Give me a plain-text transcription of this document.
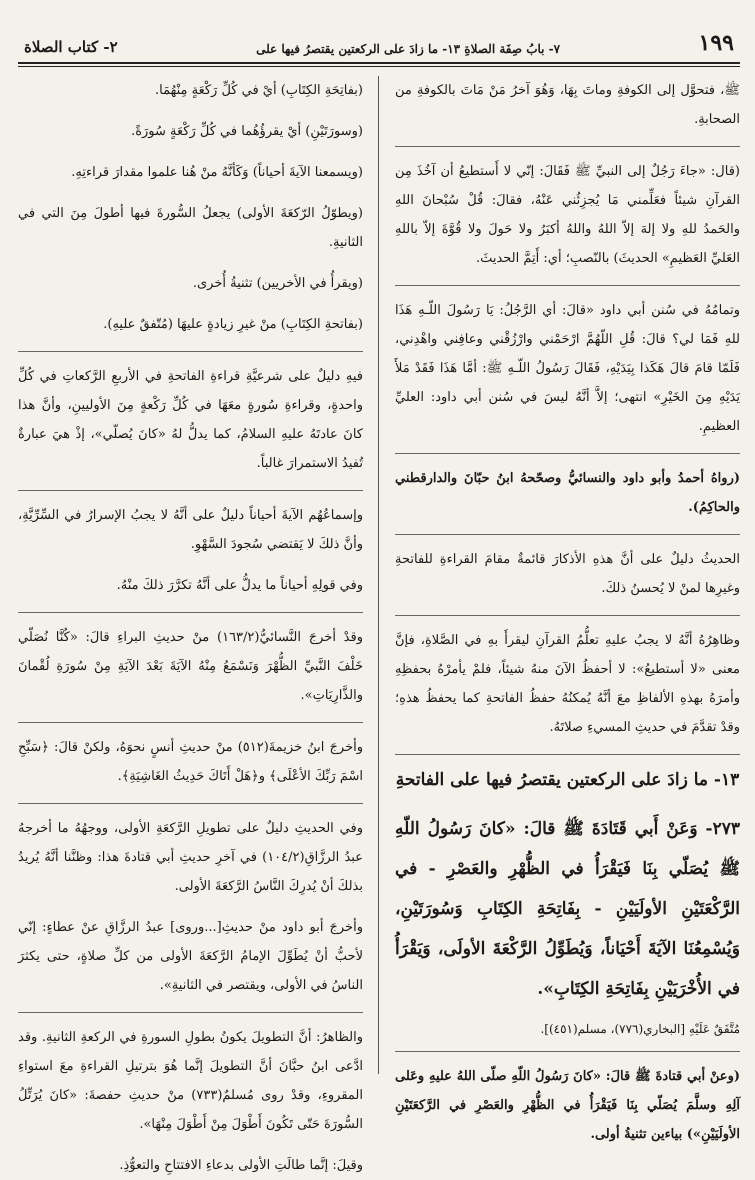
١٩٩
٧- بابُ صِفَة الصلاةِ ١٣- ما زادَ على الركعتين يقتصرُ فيها على
٢- كتاب الصلاة

ﷺ، فتحوَّل إلى الكوفةِ وماتَ بِهَا، وَهُوَ آخرُ مَنْ مَاتَ بالكوفةِ من الصحابةِ.

(قال: «جاءَ رَجُلٌ إلى النبيِّ ﷺ فَقَالَ: إنّي لا أَستطيعُ أن آخُذَ مِن القرآنِ شيئاً فعَلِّمني مَا يُجزِئُني عَنْهُ، فقالَ: قُلْ سُبْحانَ اللهِ والحَمدُ للهِ ولا إلهَ إلاّ اللهُ واللهُ أكبَرُ ولا حَولَ ولا قُوَّةَ إلاّ باللهِ العَليِّ العَظيمِ» الحديثَ) بالنّصبِ؛ أي: أَتِمَّ الحديثَ.

وتمامُهُ في سُنن أبي داود «قالَ: أي الرَّجُلُ: يَا رَسُولَ اللّـهِ هَذَا للهِ فَمَا لي؟ قالَ: قُلِ اللّهُمَّ ارْحَمْني وارْزُقْني وعافِني واهْدِني، فَلَمّا قامَ قالَ هَكَذا بِيَدَيْهِ، فَقَالَ رَسُولُ اللّـهِ ﷺ: أمَّا هَذَا فَقَدْ مَلأَ يَدَيْهِ مِنَ الخَيْرِ» انتهى؛ إلاَّ أنَّهُ ليسَ في سُنن أبي داود: العليِّ العظيمِ.

(رواهُ أحمدُ وأبو داود والنسائيُّ وصحّحهُ ابنُ حبّانَ والدارقطني والحاكِمُ).

الحديثُ دليلٌ على أنَّ هذهِ الأذكارَ قائمةٌ مقامَ القراءةِ للفاتحةِ وغيرِها لمنْ لا يُحسنُ ذلكَ.

وظاهِرُهُ أنَّهُ لا يجبُ عليهِ تعلُّمُ القرآنِ ليقرأَ بهِ في الصَّلاةِ، فإنَّ معنى «لا أستطيعُ»: لا أحفظُ الآنَ منهُ شيئاً، فلمْ يأمرْهُ بحفظِهِ وأمرَهُ بهذهِ الألفاظِ معَ أنَّهُ يُمكنُهُ حفظُ الفاتحةِ كما يحفظُ هذهِ؛ وقدْ تقدَّمَ في حديثِ المسيءِ صلاتَهُ.

١٣- ما زادَ على الركعتين يقتصرُ فيها على الفاتحةِ
٢٧٣- وَعَنْ أَبي قَتَادَةَ ﷺ قالَ: «كانَ رَسُولُ اللّهِ ﷺ يُصَلّي بِنَا فَيَقْرَأُ في الظُّهْرِ والعَصْرِ - في الرَّكْعَتَيْنِ الأولَيَيْنِ - بِفَاتِحَةِ الكِتَابِ وَسُورَتَيْنِ، وَيُسْمِعُنَا الآيَةَ أَحْيَاناً، وَيُطَوِّلُ الرَّكْعَةَ الأولَى، وَيَقْرَأُ في الأُخْرَيَيْنِ بِفَاتِحَةِ الكِتَابِ».

مُتَّفَقٌ عَلَيْهِ [البخاري(٧٧٦)، مسلم(٤٥١)].

(وعنْ أبي قتادةَ ﷺ قالَ: «كانَ رَسُولُ اللّهِ صلّى اللهُ عليهِ وعَلى آلِهِ وسلَّمَ يُصَلّي بِنَا فَيَقْرَأُ في الظُّهْرِ والعَصْرِ في الرَّكعَتَيْنِ الأولَيَيْنِ») بياءين تثنيةُ أولى.

(بفاتِحَةِ الكِتَابِ) أيْ في كُلِّ رَكْعَةٍ مِنْهُمَا.

(وسورَتَيْنِ) أيْ يقرؤُهُما في كُلِّ رَكْعَةٍ سُورَةً.

(ويسمعنا الآيةَ أحياناً) وَكَأنَّهُ منْ هُنا علموا مقدارَ قراءتِهِ.

(ويطوّلُ الرّكعَةَ الأولى) يجعلُ السُّورةَ فيها أطولَ مِنَ التي في الثانيةِ.

(ويقرأُ في الأخريين) تثنيةُ أُخرى.

(بفاتحةِ الكِتَابِ) منْ غيرِ زيادةٍ عليهَا (مُتّفقٌ عليهِ).

فيهِ دليلٌ على شرعيَّةِ قراءةِ الفاتحةِ في الأربعِ الرَّكعاتِ في كُلِّ واحدةٍ، وقراءةِ سُورةٍ معَهَا في كُلِّ رَكْعةٍ مِنَ الأوليينِ، وأنَّ هذا كانَ عادتَهُ عليهِ السلامُ، كما يدلُّ لهُ «كانَ يُصلّي»، إذْ هيَ عبارةٌ تُفيدُ الاستمرارَ غالباً.

وإسماعُهُم الآيةَ أحياناً دليلٌ على أنَّهُ لا يجبُ الإسرارُ في السِّرِّيَّةِ، وأنَّ ذلكَ لا يَقتضي سُجودَ السَّهْوِ.

وفي قولِهِ أحياناً ما يدلُّ على أنَّهُ تكرَّرَ ذلكَ منْهُ.

وقدْ أخرجَ النَّسائيُّ(١٦٣/٢) منْ حديثِ البراءِ قالَ: «كُنَّا نُصَلّي خَلْفَ النَّبيِّ الظُّهْرَ وَنَسْمَعُ مِنْهُ الآيَةَ بَعْدَ الآيَةِ مِنْ سُورَةِ لُقْمانَ والذَّارِيَاتِ».

وأخرجَ ابنُ خزيمةَ(٥١٢) منْ حديثِ أنسٍ نحوَهُ، ولكنْ قالَ: ﴿سَبِّحِ اسْمَ رَبِّكَ الأعْلَى﴾ و﴿هَلْ أَتَاكَ حَدِيثُ الغَاشِيَةِ﴾.

وفي الحديثِ دليلٌ على تطويلِ الرَّكعَةِ الأولى، ووجهُهُ ما أخرجهُ عبدُ الرزَّاقِ(١٠٤/٢) في آخرِ حديثِ أبي قتادةَ هذا: وظنَّنا أنَّهُ يُريدُ بذلكَ أنْ يُدرِكَ النَّاسُ الرَّكعَةَ الأولى.

وأخرجَ أبو داود منْ حديثِ[...وروى] عبدُ الرزَّاقِ عنْ عطاءٍ: إنّي لأحبُّ أنْ يُطَوِّلَ الإمامُ الرَّكعَةَ الأولى من كلِّ صلاةٍ، حتى يكثرَ الناسُ في الأولى، ويقتصر في الثانيةِ».

والظاهرُ: أنَّ التطويلَ يكونُ بطولِ السورةِ في الركعةِ الثانيةِ. وقد ادَّعى ابنُ حبَّانَ أنَّ التطويلَ إنَّما هُوَ بترتيلِ القراءةِ معَ استواءِ المقروءِ، وقدْ روى مُسلمٌ(٧٣٣) منْ حديثِ حفصةَ: «كانَ يُرَتِّلُ السُّورَةَ حَتّى تَكُونَ أَطْوَلَ مِنْ أَطْوَلَ مِنْهَا».

وقيلَ: إنَّما طالَتِ الأولى بدعاءِ الافتتاحِ والتعوُّذِ.
